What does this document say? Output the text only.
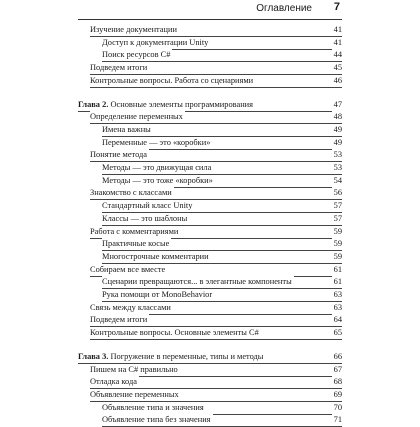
Оглавление 7
Изучение документации	41
Доступ к документации Unity	41
Поиск ресурсов C#	44
Подведем итоги	45
Контрольные вопросы. Работа со сценариями	46
Глава 2. Основные элементы программирования	47
Определение переменных	48
Имена важны	49
Переменные — это «коробки»	49
Понятие метода	53
Методы — это движущая сила	53
Методы — это тоже «коробки»	54
Знакомство с классами	56
Стандартный класс Unity	57
Классы — это шаблоны	57
Работа с комментариями	59
Практичные косые	59
Многострочные комментарии	59
Собираем все вместе	61
Сценарии превращаются... в элегантные компоненты	61
Рука помощи от MonoBehavior	63
Связь между классами	63
Подведем итоги	64
Контрольные вопросы. Основные элементы C#	65
Глава 3. Погружение в переменные, типы и методы	66
Пишем на C# правильно	67
Отладка кода	68
Объявление переменных	69
Объявление типа и значения	70
Объявление типа без значения	71
